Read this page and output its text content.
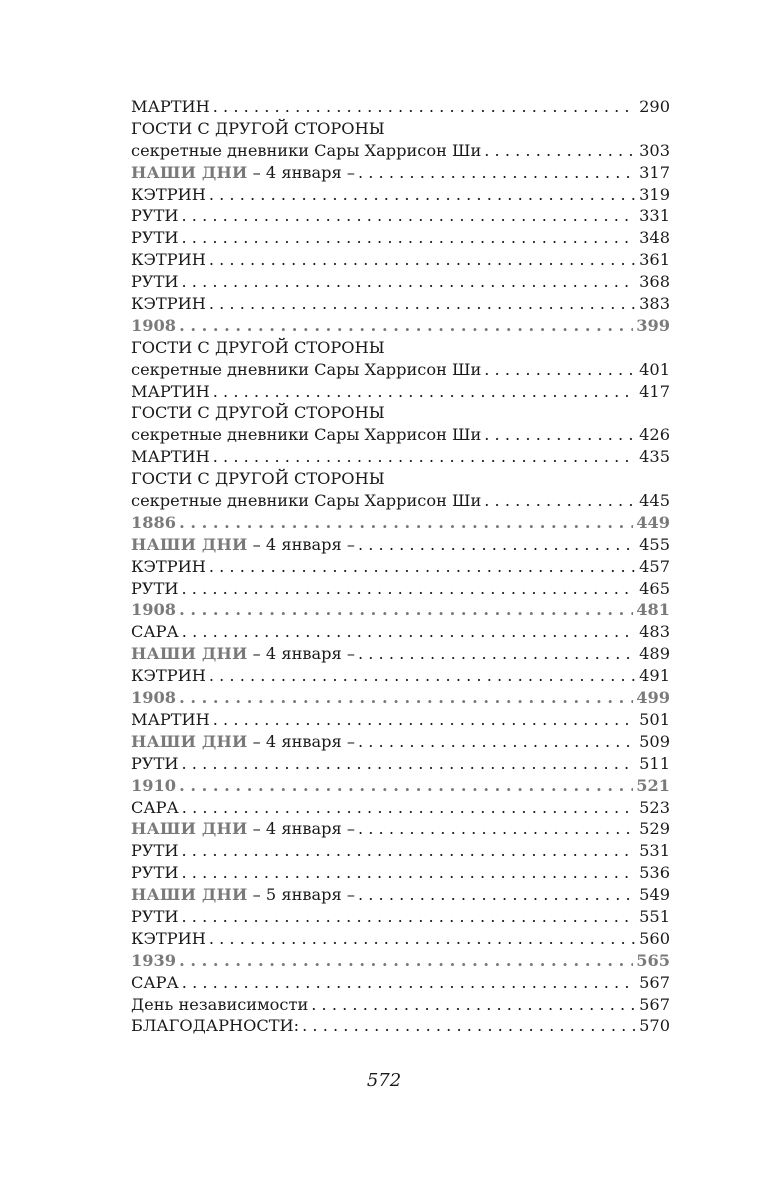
МАРТИН . . .	290
ГОСТИ С ДРУГОЙ СТОРОНЫ
секретные дневники Сары Харрисон Ши . . .	303
НАШИ ДНИ – 4 января – . . .	317
КЭТРИН . . .	319
РУТИ . . .	331
РУТИ . . .	348
КЭТРИН . . .	361
РУТИ . . .	368
КЭТРИН . . .	383
1908 . . .	399
ГОСТИ С ДРУГОЙ СТОРОНЫ
секретные дневники Сары Харрисон Ши . . .	401
МАРТИН . . .	417
ГОСТИ С ДРУГОЙ СТОРОНЫ
секретные дневники Сары Харрисон Ши . . .	426
МАРТИН . . .	435
ГОСТИ С ДРУГОЙ СТОРОНЫ
секретные дневники Сары Харрисон Ши . . .	445
1886 . . .	449
НАШИ ДНИ – 4 января – . . .	455
КЭТРИН . . .	457
РУТИ . . .	465
1908 . . .	481
САРА . . .	483
НАШИ ДНИ – 4 января – . . .	489
КЭТРИН . . .	491
1908 . . .	499
МАРТИН . . .	501
НАШИ ДНИ – 4 января – . . .	509
РУТИ . . .	511
1910 . . .	521
САРА . . .	523
НАШИ ДНИ – 4 января – . . .	529
РУТИ . . .	531
РУТИ . . .	536
НАШИ ДНИ – 5 января – . . .	549
РУТИ . . .	551
КЭТРИН . . .	560
1939 . . .	565
САРА . . .	567
День независимости . . .	567
БЛАГОДАРНОСТИ: . . .	570
572
